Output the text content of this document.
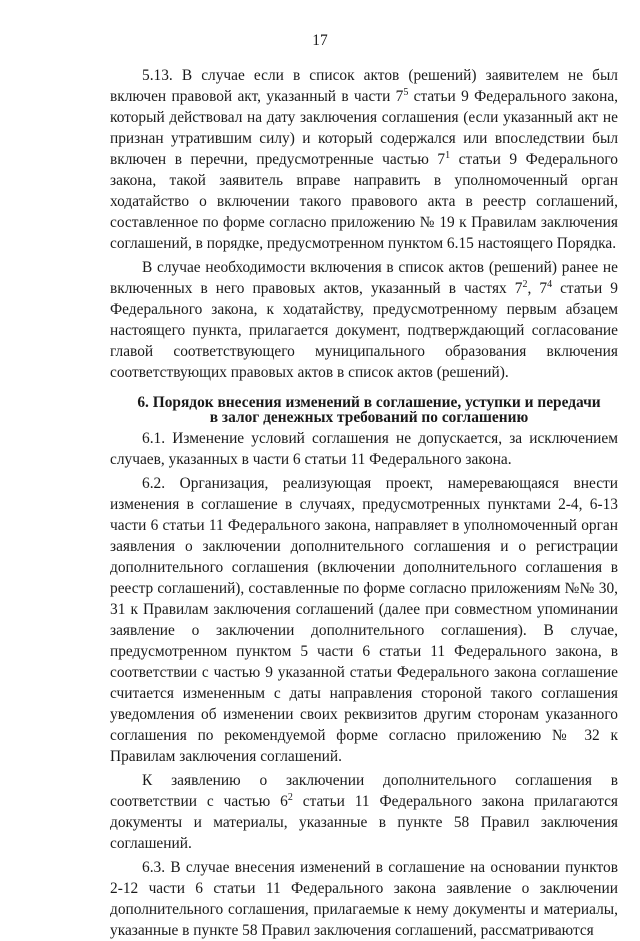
17

5.13. В случае если в список актов (решений) заявителем не был включен правовой акт, указанный в части $7^5$ статьи 9 Федерального закона, который действовал на дату заключения соглашения (если указанный акт не признан утратившим силу) и который содержался или впоследствии был включен в перечни, предусмотренные частью $7^1$ статьи 9 Федерального закона, такой заявитель вправе направить в уполномоченный орган ходатайство о включении такого правового акта в реестр соглашений, составленное по форме согласно приложению № 19 к Правилам заключения соглашений, в порядке, предусмотренном пунктом 6.15 настоящего Порядка.

В случае необходимости включения в список актов (решений) ранее не включенных в него правовых актов, указанный в частях $7^2$, $7^4$ статьи 9 Федерального закона, к ходатайству, предусмотренному первым абзацем настоящего пункта, прилагается документ, подтверждающий согласование главой соответствующего муниципального образования включения соответствующих правовых актов в список актов (решений).

6. Порядок внесения изменений в соглашение, уступки и передачи
в залог денежных требований по соглашению

6.1. Изменение условий соглашения не допускается, за исключением случаев, указанных в части 6 статьи 11 Федерального закона.

6.2. Организация, реализующая проект, намеревающаяся внести изменения в соглашение в случаях, предусмотренных пунктами 2-4, 6-13 части 6 статьи 11 Федерального закона, направляет в уполномоченный орган заявления о заключении дополнительного соглашения и о регистрации дополнительного соглашения (включении дополнительного соглашения в реестр соглашений), составленные по форме согласно приложениям №№ 30, 31 к Правилам заключения соглашений (далее при совместном упоминании заявление о заключении дополнительного соглашения). В случае, предусмотренном пунктом 5 части 6 статьи 11 Федерального закона, в соответствии с частью 9 указанной статьи Федерального закона соглашение считается измененным с даты направления стороной такого соглашения уведомления об изменении своих реквизитов другим сторонам указанного соглашения по рекомендуемой форме согласно приложению № 32 к Правилам заключения соглашений.

К заявлению о заключении дополнительного соглашения в соответствии с частью $6^2$ статьи 11 Федерального закона прилагаются документы и материалы, указанные в пункте 58 Правил заключения соглашений.

6.3. В случае внесения изменений в соглашение на основании пунктов 2-12 части 6 статьи 11 Федерального закона заявление о заключении дополнительного соглашения, прилагаемые к нему документы и материалы, указанные в пункте 58 Правил заключения соглашений, рассматриваются
